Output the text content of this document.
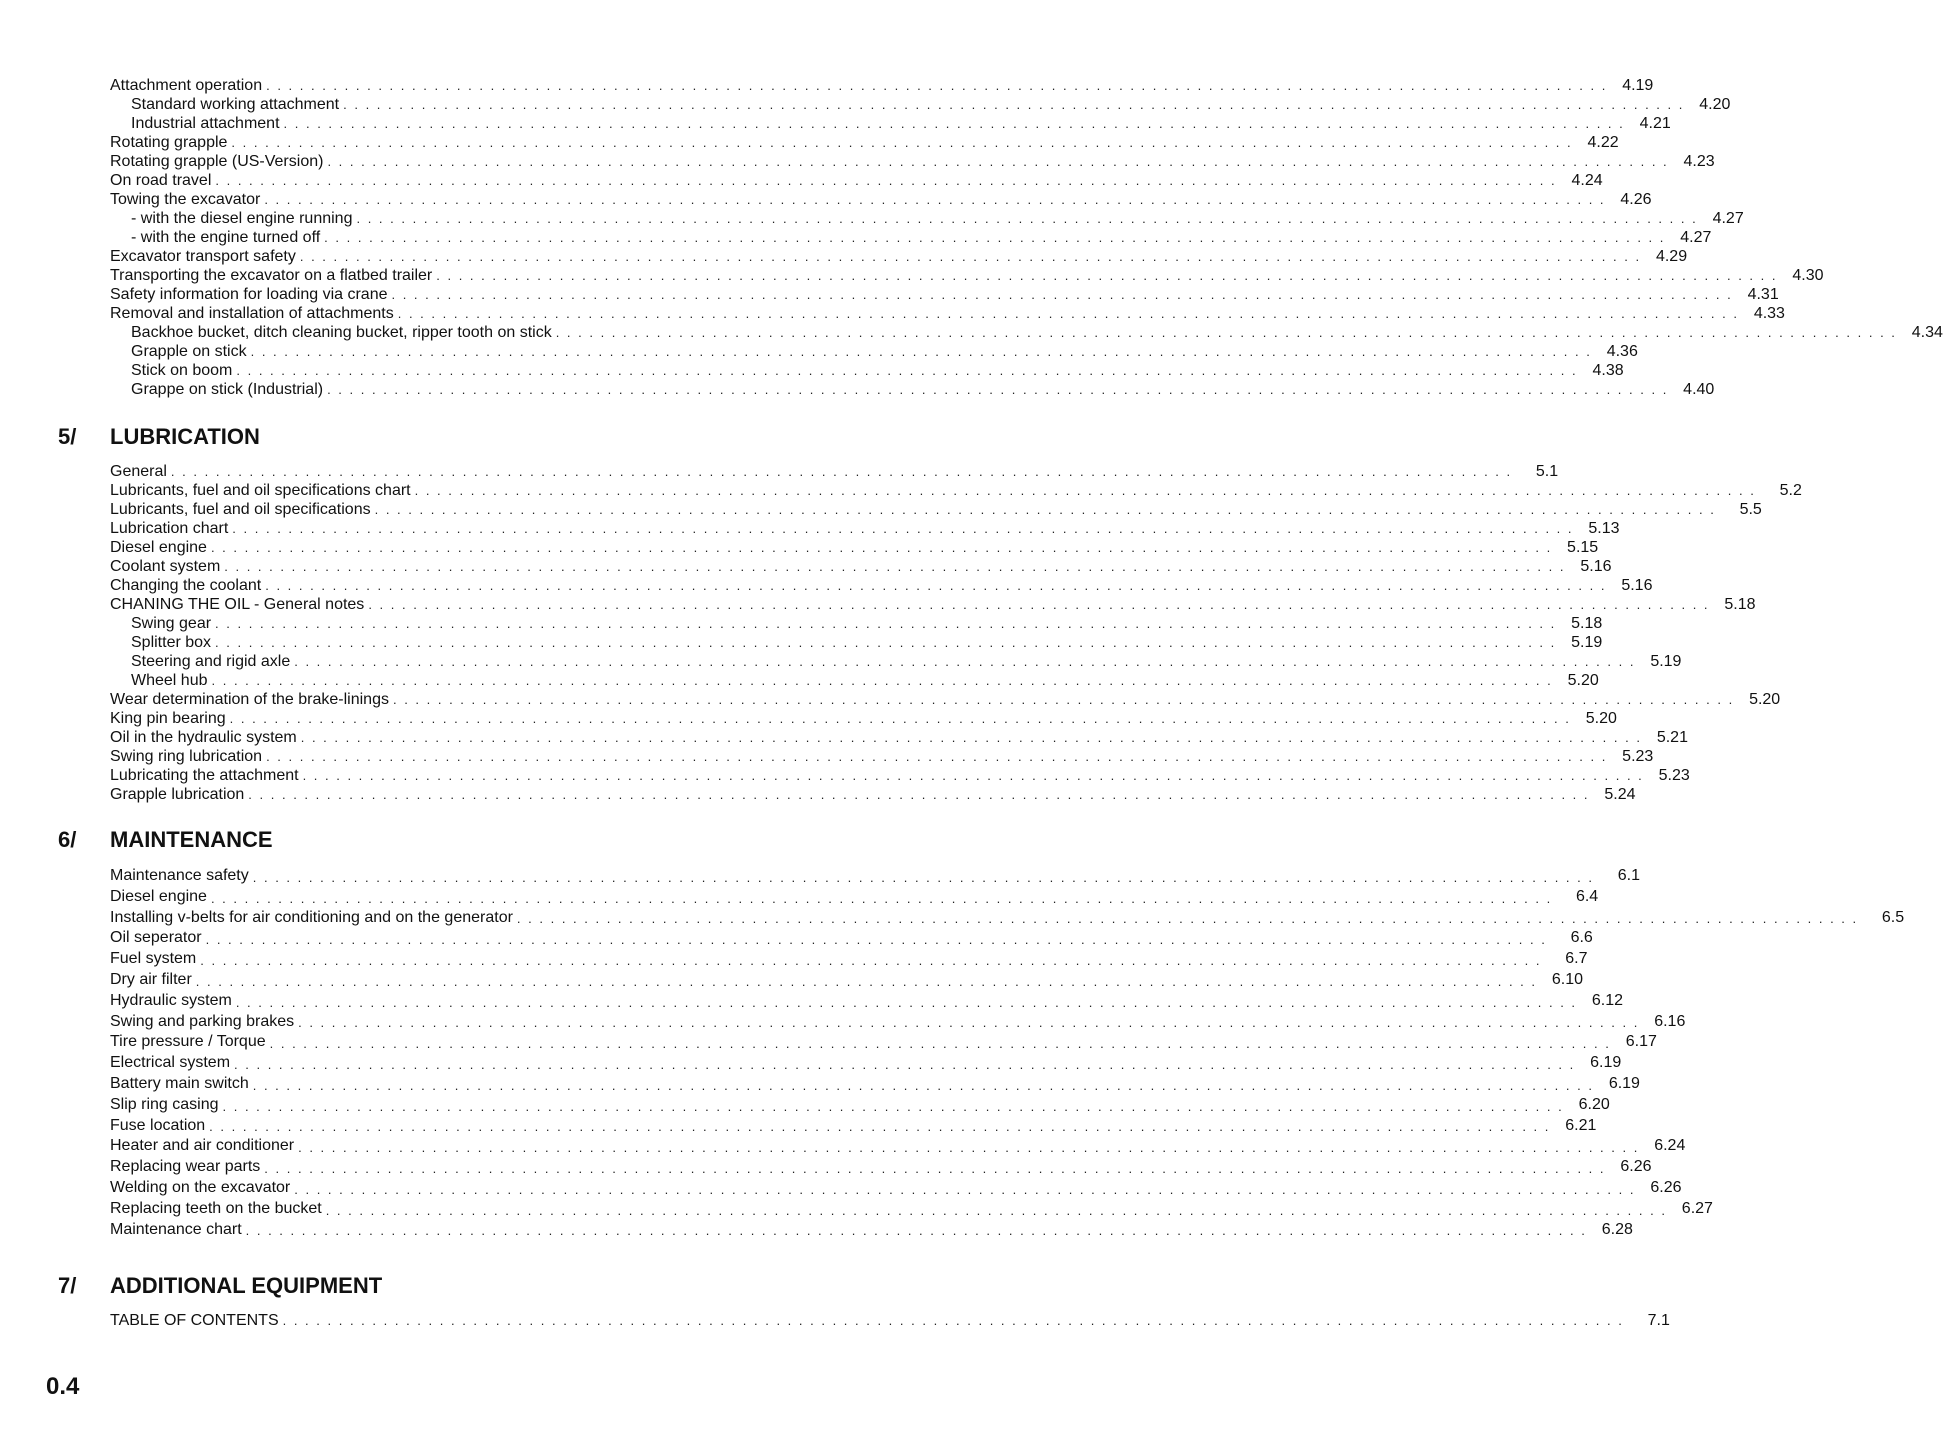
Attachment operation . . . . . . . . . . . . . . . . . . . . . . . . . . . . . . . . . . . . . . . . . . . . . . . . . . . . . . . . . . . . . . . . . . . . . . . . . . . . . . . . . . . . . . . . . . . . . . . . . . . . . . . . . . . . . . . . . . . . . . . . 4.19
Standard working attachment . . . . . . . . . . . . . . . . . . . . . . . . . . . . . . . . . . . . . . . . . . . . . . . . . . . . . . . . . . . . . . . . . . . . . . . . . . . . . . . . . . . . . . . . . . . . . . . . . . . . . . . . . . . . . . . . . . . . . . . . 4.20
Industrial attachment . . . . . . . . . . . . . . . . . . . . . . . . . . . . . . . . . . . . . . . . . . . . . . . . . . . . . . . . . . . . . . . . . . . . . . . . . . . . . . . . . . . . . . . . . . . . . . . . . . . . . . . . . . . . . . . . . . . . . . . . 4.21
Rotating grapple . . . . . . . . . . . . . . . . . . . . . . . . . . . . . . . . . . . . . . . . . . . . . . . . . . . . . . . . . . . . . . . . . . . . . . . . . . . . . . . . . . . . . . . . . . . . . . . . . . . . . . . . . . . . . . . . . . . . . . . . 4.22
Rotating grapple (US-Version) . . . . . . . . . . . . . . . . . . . . . . . . . . . . . . . . . . . . . . . . . . . . . . . . . . . . . . . . . . . . . . . . . . . . . . . . . . . . . . . . . . . . . . . . . . . . . . . . . . . . . . . . . . . . . . . . . . . . . . . . 4.23
On road travel . . . . . . . . . . . . . . . . . . . . . . . . . . . . . . . . . . . . . . . . . . . . . . . . . . . . . . . . . . . . . . . . . . . . . . . . . . . . . . . . . . . . . . . . . . . . . . . . . . . . . . . . . . . . . . . . . . . . . . . . 4.24
Towing the excavator . . . . . . . . . . . . . . . . . . . . . . . . . . . . . . . . . . . . . . . . . . . . . . . . . . . . . . . . . . . . . . . . . . . . . . . . . . . . . . . . . . . . . . . . . . . . . . . . . . . . . . . . . . . . . . . . . . . . . . . . 4.26
- with the diesel engine running . . . . . . . . . . . . . . . . . . . . . . . . . . . . . . . . . . . . . . . . . . . . . . . . . . . . . . . . . . . . . . . . . . . . . . . . . . . . . . . . . . . . . . . . . . . . . . . . . . . . . . . . . . . . . . . . . . . . . . . . 4.27
- with the engine turned off . . . . . . . . . . . . . . . . . . . . . . . . . . . . . . . . . . . . . . . . . . . . . . . . . . . . . . . . . . . . . . . . . . . . . . . . . . . . . . . . . . . . . . . . . . . . . . . . . . . . . . . . . . . . . . . . . . . . . . . . 4.27
Excavator transport safety . . . . . . . . . . . . . . . . . . . . . . . . . . . . . . . . . . . . . . . . . . . . . . . . . . . . . . . . . . . . . . . . . . . . . . . . . . . . . . . . . . . . . . . . . . . . . . . . . . . . . . . . . . . . . . . . . . . . . . . . 4.29
Transporting the excavator on a flatbed trailer . . . . . . . . . . . . . . . . . . . . . . . . . . . . . . . . . . . . . . . . . . . . . . . . . . . . . . . . . . . . . . . . . . . . . . . . . . . . . . . . . . . . . . . . . . . . . . . . . . . . . . . . . . . . . . . . . . . . . . . . 4.30
Safety information for loading via crane . . . . . . . . . . . . . . . . . . . . . . . . . . . . . . . . . . . . . . . . . . . . . . . . . . . . . . . . . . . . . . . . . . . . . . . . . . . . . . . . . . . . . . . . . . . . . . . . . . . . . . . . . . . . . . . . . . . . . . . . 4.31
Removal and installation of attachments . . . . . . . . . . . . . . . . . . . . . . . . . . . . . . . . . . . . . . . . . . . . . . . . . . . . . . . . . . . . . . . . . . . . . . . . . . . . . . . . . . . . . . . . . . . . . . . . . . . . . . . . . . . . . . . . . . . . . . . . 4.33
Backhoe bucket, ditch cleaning bucket, ripper tooth on stick . . . . . . . . . . . . . . . . . . . . . . . . . . . . . . . . . . . . . . . . . . . . . . . . . . . . . . . . . . . . . . . . . . . . . . . . . . . . . . . . . . . . . . . . . . . . . . . . . . . . . . . . . . . . . . . . . . . . . . . . 4.34
Grapple on stick . . . . . . . . . . . . . . . . . . . . . . . . . . . . . . . . . . . . . . . . . . . . . . . . . . . . . . . . . . . . . . . . . . . . . . . . . . . . . . . . . . . . . . . . . . . . . . . . . . . . . . . . . . . . . . . . . . . . . . . . 4.36
Stick on boom . . . . . . . . . . . . . . . . . . . . . . . . . . . . . . . . . . . . . . . . . . . . . . . . . . . . . . . . . . . . . . . . . . . . . . . . . . . . . . . . . . . . . . . . . . . . . . . . . . . . . . . . . . . . . . . . . . . . . . . . 4.38
Grappe on stick (Industrial) . . . . . . . . . . . . . . . . . . . . . . . . . . . . . . . . . . . . . . . . . . . . . . . . . . . . . . . . . . . . . . . . . . . . . . . . . . . . . . . . . . . . . . . . . . . . . . . . . . . . . . . . . . . . . . . . . . . . . . . . 4.40
5/ LUBRICATION
General . . . . . . . . . . . . . . . . . . . . . . . . . . . . . . . . . . . . . . . . . . . . . . . . . . . . . . . . . . . . . . . . . . . . . . . . . . . . . . . . . . . . . . . . . . . . . . . . . . . . . . . . . . . . . . . . . . . . . . . .	5.1
Lubricants, fuel and oil specifications chart . . . . . . . . . . . . . . . . . . . . . . . . . . . . . . . . . . . . . . . . . . . . . . . . . . . . . . . . . . . . . . . . . . . . . . . . . . . . . . . . . . . . . . . . . . . . . . . . . . . . . . . . . . . . . . . . . . . . . . . .	5.2
Lubricants, fuel and oil specifications . . . . . . . . . . . . . . . . . . . . . . . . . . . . . . . . . . . . . . . . . . . . . . . . . . . . . . . . . . . . . . . . . . . . . . . . . . . . . . . . . . . . . . . . . . . . . . . . . . . . . . . . . . . . . . . . . . . . . . . .	5.5
Lubrication chart . . . . . . . . . . . . . . . . . . . . . . . . . . . . . . . . . . . . . . . . . . . . . . . . . . . . . . . . . . . . . . . . . . . . . . . . . . . . . . . . . . . . . . . . . . . . . . . . . . . . . . . . . . . . . . . . . . . . . . . . 5.13
Diesel engine . . . . . . . . . . . . . . . . . . . . . . . . . . . . . . . . . . . . . . . . . . . . . . . . . . . . . . . . . . . . . . . . . . . . . . . . . . . . . . . . . . . . . . . . . . . . . . . . . . . . . . . . . . . . . . . . . . . . . . . . 5.15
Coolant system . . . . . . . . . . . . . . . . . . . . . . . . . . . . . . . . . . . . . . . . . . . . . . . . . . . . . . . . . . . . . . . . . . . . . . . . . . . . . . . . . . . . . . . . . . . . . . . . . . . . . . . . . . . . . . . . . . . . . . . . 5.16
Changing the coolant . . . . . . . . . . . . . . . . . . . . . . . . . . . . . . . . . . . . . . . . . . . . . . . . . . . . . . . . . . . . . . . . . . . . . . . . . . . . . . . . . . . . . . . . . . . . . . . . . . . . . . . . . . . . . . . . . . . . . . . . 5.16
CHANING THE OIL - General notes . . . . . . . . . . . . . . . . . . . . . . . . . . . . . . . . . . . . . . . . . . . . . . . . . . . . . . . . . . . . . . . . . . . . . . . . . . . . . . . . . . . . . . . . . . . . . . . . . . . . . . . . . . . . . . . . . . . . . . . . 5.18
Swing gear . . . . . . . . . . . . . . . . . . . . . . . . . . . . . . . . . . . . . . . . . . . . . . . . . . . . . . . . . . . . . . . . . . . . . . . . . . . . . . . . . . . . . . . . . . . . . . . . . . . . . . . . . . . . . . . . . . . . . . . . 5.18
Splitter box . . . . . . . . . . . . . . . . . . . . . . . . . . . . . . . . . . . . . . . . . . . . . . . . . . . . . . . . . . . . . . . . . . . . . . . . . . . . . . . . . . . . . . . . . . . . . . . . . . . . . . . . . . . . . . . . . . . . . . . . 5.19
Steering and rigid axle . . . . . . . . . . . . . . . . . . . . . . . . . . . . . . . . . . . . . . . . . . . . . . . . . . . . . . . . . . . . . . . . . . . . . . . . . . . . . . . . . . . . . . . . . . . . . . . . . . . . . . . . . . . . . . . . . . . . . . . . 5.19
Wheel hub . . . . . . . . . . . . . . . . . . . . . . . . . . . . . . . . . . . . . . . . . . . . . . . . . . . . . . . . . . . . . . . . . . . . . . . . . . . . . . . . . . . . . . . . . . . . . . . . . . . . . . . . . . . . . . . . . . . . . . . . 5.20
Wear determination of the brake-linings . . . . . . . . . . . . . . . . . . . . . . . . . . . . . . . . . . . . . . . . . . . . . . . . . . . . . . . . . . . . . . . . . . . . . . . . . . . . . . . . . . . . . . . . . . . . . . . . . . . . . . . . . . . . . . . . . . . . . . . . 5.20
King pin bearing . . . . . . . . . . . . . . . . . . . . . . . . . . . . . . . . . . . . . . . . . . . . . . . . . . . . . . . . . . . . . . . . . . . . . . . . . . . . . . . . . . . . . . . . . . . . . . . . . . . . . . . . . . . . . . . . . . . . . . . . 5.20
Oil in the hydraulic system . . . . . . . . . . . . . . . . . . . . . . . . . . . . . . . . . . . . . . . . . . . . . . . . . . . . . . . . . . . . . . . . . . . . . . . . . . . . . . . . . . . . . . . . . . . . . . . . . . . . . . . . . . . . . . . . . . . . . . . . 5.21
Swing ring lubrication . . . . . . . . . . . . . . . . . . . . . . . . . . . . . . . . . . . . . . . . . . . . . . . . . . . . . . . . . . . . . . . . . . . . . . . . . . . . . . . . . . . . . . . . . . . . . . . . . . . . . . . . . . . . . . . . . . . . . . . . 5.23
Lubricating the attachment . . . . . . . . . . . . . . . . . . . . . . . . . . . . . . . . . . . . . . . . . . . . . . . . . . . . . . . . . . . . . . . . . . . . . . . . . . . . . . . . . . . . . . . . . . . . . . . . . . . . . . . . . . . . . . . . . . . . . . . . 5.23
Grapple lubrication . . . . . . . . . . . . . . . . . . . . . . . . . . . . . . . . . . . . . . . . . . . . . . . . . . . . . . . . . . . . . . . . . . . . . . . . . . . . . . . . . . . . . . . . . . . . . . . . . . . . . . . . . . . . . . . . . . . . . . . . 5.24
6/ MAINTENANCE
Maintenance safety . . . . . . . . . . . . . . . . . . . . . . . . . . . . . . . . . . . . . . . . . . . . . . . . . . . . . . . . . . . . . . . . . . . . . . . . . . . . . . . . . . . . . . . . . . . . . . . . . . . . . . . . . . . . . . . . . . . . . . . .	6.1
Diesel engine . . . . . . . . . . . . . . . . . . . . . . . . . . . . . . . . . . . . . . . . . . . . . . . . . . . . . . . . . . . . . . . . . . . . . . . . . . . . . . . . . . . . . . . . . . . . . . . . . . . . . . . . . . . . . . . . . . . . . . . .	6.4
Installing v-belts for air conditioning and on the generator . . . . . . . . . . . . . . . . . . . . . . . . . . . . . . . . . . . . . . . . . . . . . . . . . . . . . . . . . . . . . . . . . . . . . . . . . . . . . . . . . . . . . . . . . . . . . . . . . . . . . . . . . . . . . . . . . . . . . . . .	6.5
Oil seperator . . . . . . . . . . . . . . . . . . . . . . . . . . . . . . . . . . . . . . . . . . . . . . . . . . . . . . . . . . . . . . . . . . . . . . . . . . . . . . . . . . . . . . . . . . . . . . . . . . . . . . . . . . . . . . . . . . . . . . . .	6.6
Fuel system . . . . . . . . . . . . . . . . . . . . . . . . . . . . . . . . . . . . . . . . . . . . . . . . . . . . . . . . . . . . . . . . . . . . . . . . . . . . . . . . . . . . . . . . . . . . . . . . . . . . . . . . . . . . . . . . . . . . . . . .	6.7
Dry air filter . . . . . . . . . . . . . . . . . . . . . . . . . . . . . . . . . . . . . . . . . . . . . . . . . . . . . . . . . . . . . . . . . . . . . . . . . . . . . . . . . . . . . . . . . . . . . . . . . . . . . . . . . . . . . . . . . . . . . . . . 6.10
Hydraulic system . . . . . . . . . . . . . . . . . . . . . . . . . . . . . . . . . . . . . . . . . . . . . . . . . . . . . . . . . . . . . . . . . . . . . . . . . . . . . . . . . . . . . . . . . . . . . . . . . . . . . . . . . . . . . . . . . . . . . . . . 6.12
Swing and parking brakes . . . . . . . . . . . . . . . . . . . . . . . . . . . . . . . . . . . . . . . . . . . . . . . . . . . . . . . . . . . . . . . . . . . . . . . . . . . . . . . . . . . . . . . . . . . . . . . . . . . . . . . . . . . . . . . . . . . . . . . . 6.16
Tire pressure / Torque . . . . . . . . . . . . . . . . . . . . . . . . . . . . . . . . . . . . . . . . . . . . . . . . . . . . . . . . . . . . . . . . . . . . . . . . . . . . . . . . . . . . . . . . . . . . . . . . . . . . . . . . . . . . . . . . . . . . . . . . 6.17
Electrical system . . . . . . . . . . . . . . . . . . . . . . . . . . . . . . . . . . . . . . . . . . . . . . . . . . . . . . . . . . . . . . . . . . . . . . . . . . . . . . . . . . . . . . . . . . . . . . . . . . . . . . . . . . . . . . . . . . . . . . . . 6.19
Battery main switch . . . . . . . . . . . . . . . . . . . . . . . . . . . . . . . . . . . . . . . . . . . . . . . . . . . . . . . . . . . . . . . . . . . . . . . . . . . . . . . . . . . . . . . . . . . . . . . . . . . . . . . . . . . . . . . . . . . . . . . . 6.19
Slip ring casing . . . . . . . . . . . . . . . . . . . . . . . . . . . . . . . . . . . . . . . . . . . . . . . . . . . . . . . . . . . . . . . . . . . . . . . . . . . . . . . . . . . . . . . . . . . . . . . . . . . . . . . . . . . . . . . . . . . . . . . . 6.20
Fuse location . . . . . . . . . . . . . . . . . . . . . . . . . . . . . . . . . . . . . . . . . . . . . . . . . . . . . . . . . . . . . . . . . . . . . . . . . . . . . . . . . . . . . . . . . . . . . . . . . . . . . . . . . . . . . . . . . . . . . . . . 6.21
Heater and air conditioner . . . . . . . . . . . . . . . . . . . . . . . . . . . . . . . . . . . . . . . . . . . . . . . . . . . . . . . . . . . . . . . . . . . . . . . . . . . . . . . . . . . . . . . . . . . . . . . . . . . . . . . . . . . . . . . . . . . . . . . . 6.24
Replacing wear parts . . . . . . . . . . . . . . . . . . . . . . . . . . . . . . . . . . . . . . . . . . . . . . . . . . . . . . . . . . . . . . . . . . . . . . . . . . . . . . . . . . . . . . . . . . . . . . . . . . . . . . . . . . . . . . . . . . . . . . . . 6.26
Welding on the excavator . . . . . . . . . . . . . . . . . . . . . . . . . . . . . . . . . . . . . . . . . . . . . . . . . . . . . . . . . . . . . . . . . . . . . . . . . . . . . . . . . . . . . . . . . . . . . . . . . . . . . . . . . . . . . . . . . . . . . . . . 6.26
Replacing teeth on the bucket . . . . . . . . . . . . . . . . . . . . . . . . . . . . . . . . . . . . . . . . . . . . . . . . . . . . . . . . . . . . . . . . . . . . . . . . . . . . . . . . . . . . . . . . . . . . . . . . . . . . . . . . . . . . . . . . . . . . . . . . 6.27
Maintenance chart . . . . . . . . . . . . . . . . . . . . . . . . . . . . . . . . . . . . . . . . . . . . . . . . . . . . . . . . . . . . . . . . . . . . . . . . . . . . . . . . . . . . . . . . . . . . . . . . . . . . . . . . . . . . . . . . . . . . . . . . 6.28
7/ ADDITIONAL EQUIPMENT
TABLE OF CONTENTS . . . . . . . . . . . . . . . . . . . . . . . . . . . . . . . . . . . . . . . . . . . . . . . . . . . . . . . . . . . . . . . . . . . . . . . . . . . . . . . . . . . . . . . . . . . . . . . . . . . . . . . . . . . . . . . . . . . . . . . .	7.1
0.4
